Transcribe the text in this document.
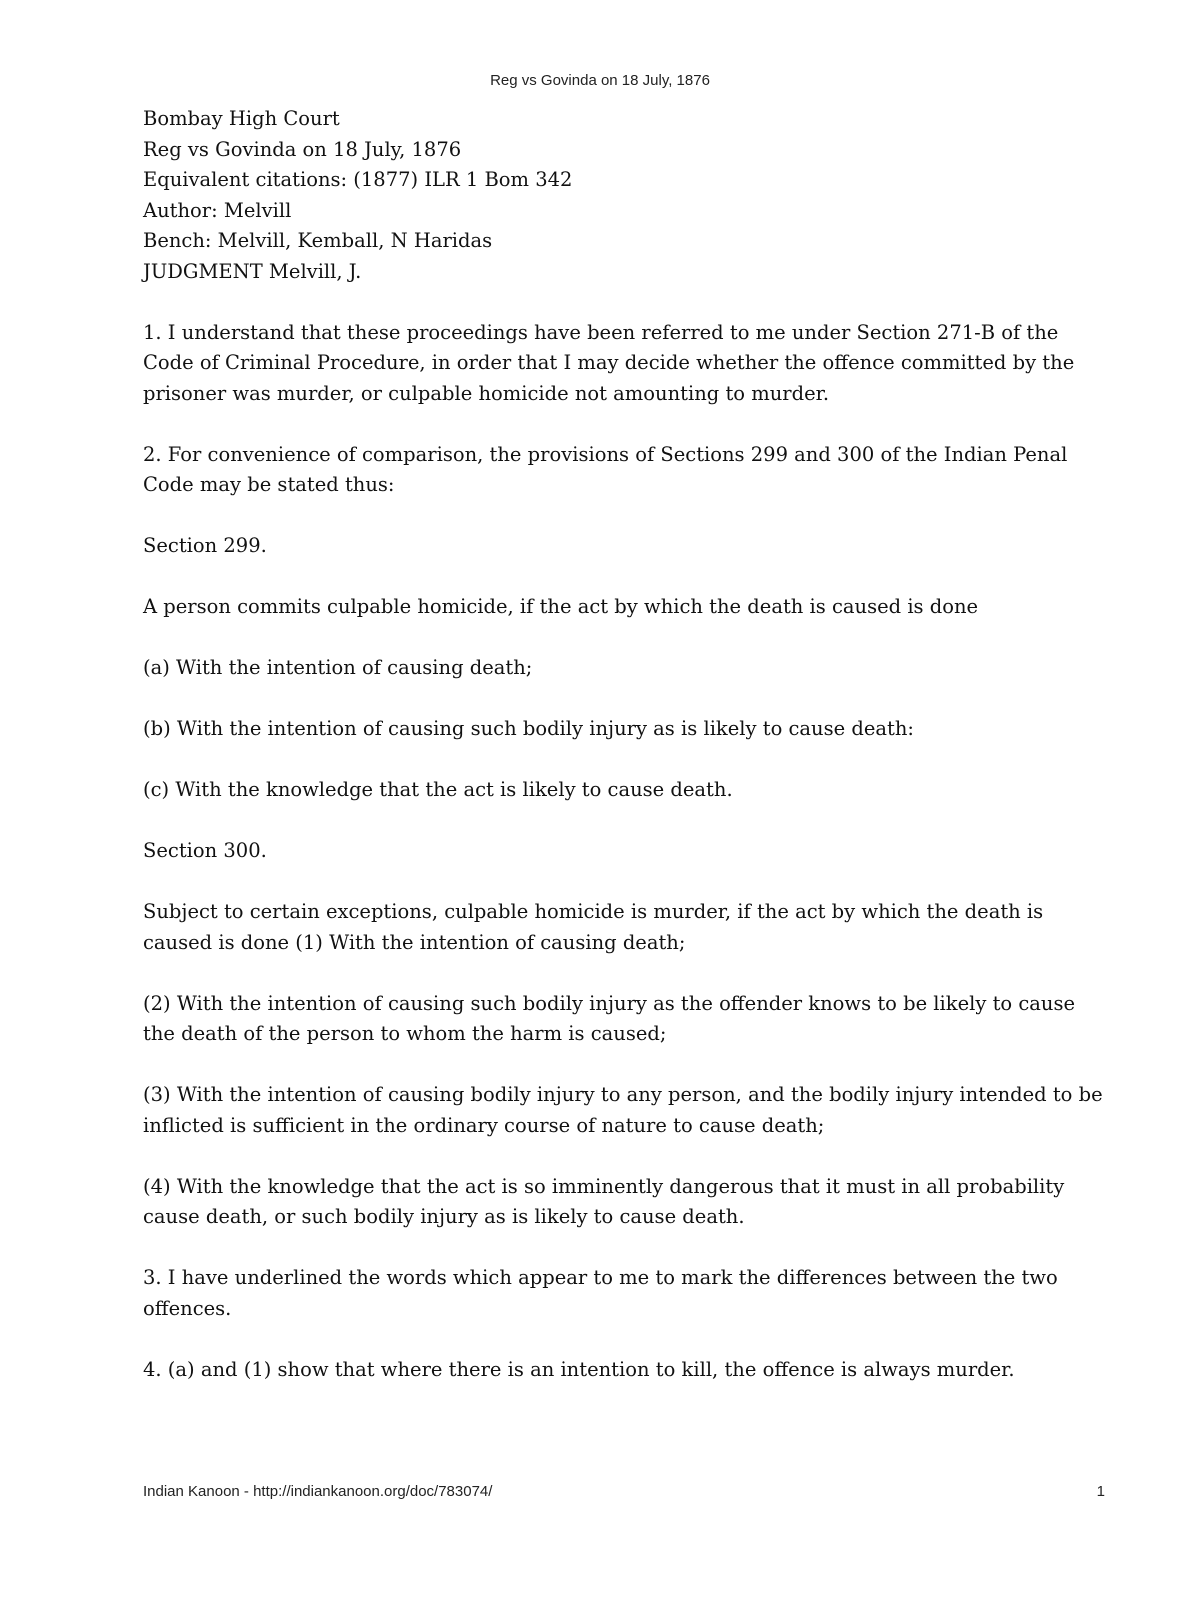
Reg vs Govinda on 18 July, 1876

Bombay High Court

Reg vs Govinda on 18 July, 1876

Equivalent citations: (1877) ILR 1 Bom 342

Author: Melvill

Bench: Melvill, Kemball, N Haridas

JUDGMENT Melvill, J.

1. I understand that these proceedings have been referred to me under Section 271-B of the Code of Criminal Procedure, in order that I may decide whether the offence committed by the prisoner was murder, or culpable homicide not amounting to murder.

2. For convenience of comparison, the provisions of Sections 299 and 300 of the Indian Penal Code may be stated thus:

Section 299.

A person commits culpable homicide, if the act by which the death is caused is done

(a) With the intention of causing death;

(b) With the intention of causing such bodily injury as is likely to cause death:

(c) With the knowledge that the act is likely to cause death.

Section 300.

Subject to certain exceptions, culpable homicide is murder, if the act by which the death is caused is done (1) With the intention of causing death;

(2) With the intention of causing such bodily injury as the offender knows to be likely to cause the death of the person to whom the harm is caused;

(3) With the intention of causing bodily injury to any person, and the bodily injury intended to be inflicted is sufficient in the ordinary course of nature to cause death;

(4) With the knowledge that the act is so imminently dangerous that it must in all probability cause death, or such bodily injury as is likely to cause death.

3. I have underlined the words which appear to me to mark the differences between the two offences.

4. (a) and (1) show that where there is an intention to kill, the offence is always murder.

Indian Kanoon - http://indiankanoon.org/doc/783074/	1
